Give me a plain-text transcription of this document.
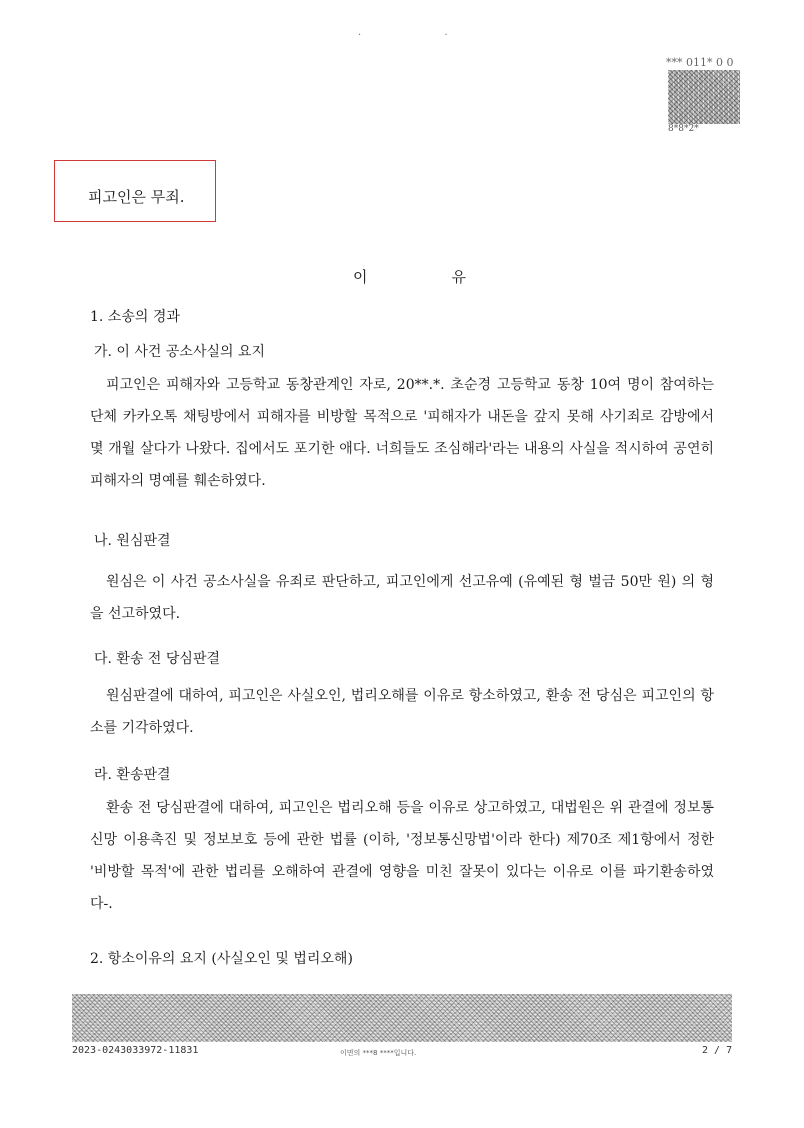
· ·
*** 011* 0 0
8*8*2*
피고인은 무죄.
이	유
1. 소송의 경과
가. 이 사건 공소사실의 요지

피고인은 피해자와 고등학교 동창관계인 자로, 20**.*. 초순경 고등학교 동창 10여 명이 참여하는 단체 카카오톡 채팅방에서 피해자를 비방할 목적으로 '피해자가 내돈을 갚지 못해 사기죄로 감방에서 몇 개월 살다가 나왔다. 집에서도 포기한 애다. 너희들도 조심해라'라는 내용의 사실을 적시하여 공연히 피해자의 명예를 훼손하였다.

나. 원심판결

원심은 이 사건 공소사실을 유죄로 판단하고, 피고인에게 선고유예 (유예된 형 벌금 50만 원) 의 형을 선고하였다.

다. 환송 전 당심판결

원심판결에 대하여, 피고인은 사실오인, 법리오해를 이유로 항소하였고, 환송 전 당심은 피고인의 항소를 기각하였다.

라. 환송판결

환송 전 당심판결에 대하여, 피고인은 법리오해 등을 이유로 상고하였고, 대법원은 위 관결에 정보통신망 이용촉진 및 정보보호 등에 관한 법률 (이하, '정보통신망법'이라 한다) 제70조 제1항에서 정한 '비방할 목적'에 관한 법리를 오해하여 관결에 영향을 미친 잘못이 있다는 이유로 이를 파기환송하였다-.

2. 항소이유의 요지 (사실오인 및 법리오해)
2023-0243033972-11831	이면의 ***8 ****입니다.	2 / 7
